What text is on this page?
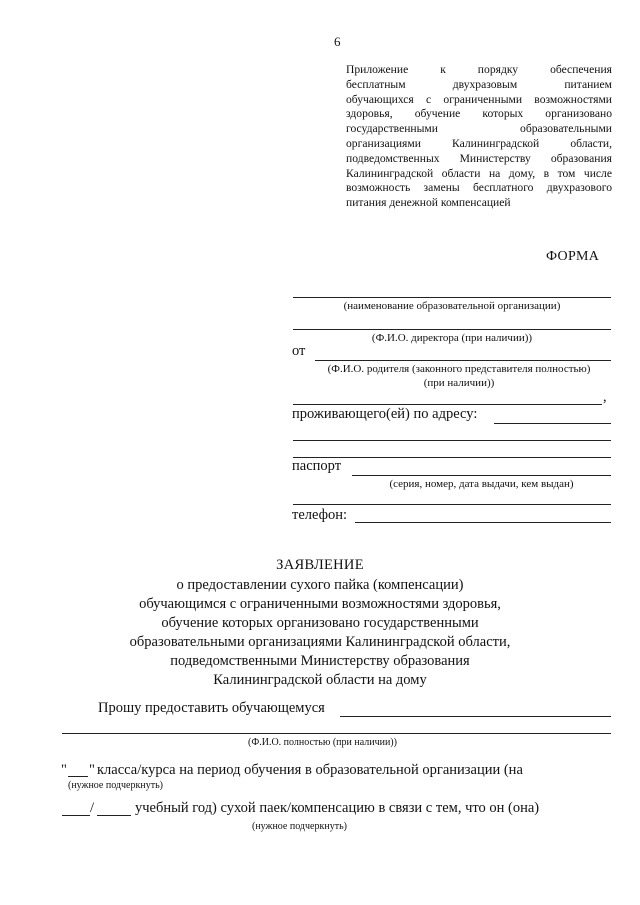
6
Приложение к порядку обеспечения
бесплатным двухразовым питанием
обучающихся с ограниченными возможностями
здоровья, обучение которых организовано
государственными образовательными
организациями Калининградской области,
подведомственных Министерству образования
Калининградской области на дому, в том числе
возможность замены бесплатного двухразового
питания денежной компенсацией
ФОРМА
(наименование образовательной организации)
(Ф.И.О. директора (при наличии))
от
(Ф.И.О. родителя (законного представителя полностью)
(при наличии))
,
проживающего(ей) по адресу:
паспорт
(серия, номер, дата выдачи, кем выдан)
телефон:
ЗАЯВЛЕНИЕ
о предоставлении сухого пайка (компенсации)
обучающимся с ограниченными возможностями здоровья,
обучение которых организовано государственными
образовательными организациями Калининградской области,
подведомственными Министерству образования
Калининградской области на дому
Прошу предоставить обучающемуся
(Ф.И.О. полностью (при наличии))
" " класса/курса на период обучения в образовательной организации (на
(нужное подчеркнуть)
/	учебный год) сухой паек/компенсацию в связи с тем, что он (она)
(нужное подчеркнуть)
